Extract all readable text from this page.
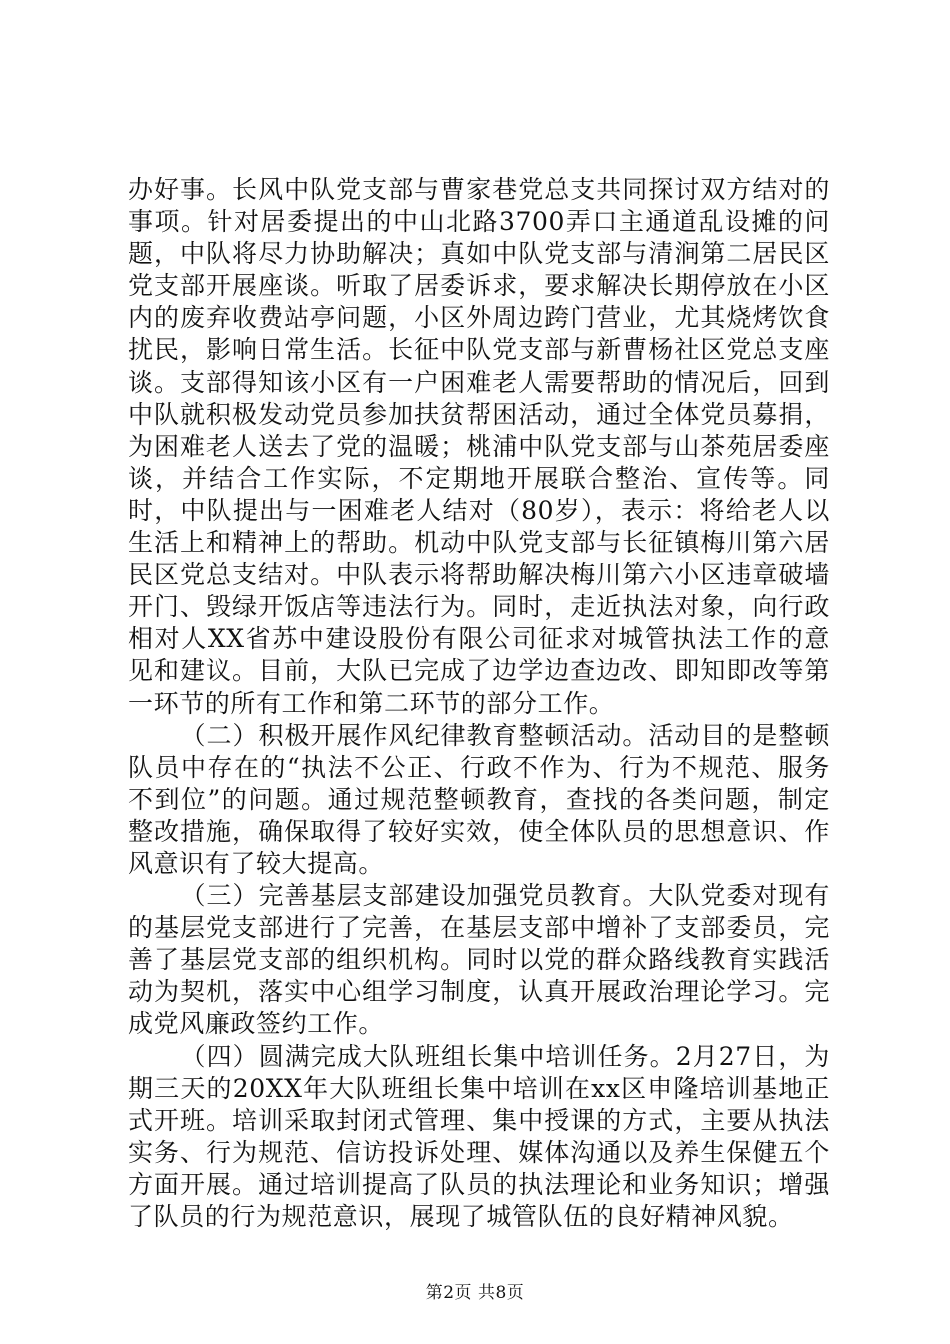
办好事。长风中队党支部与曹家巷党总支共同探讨双方结对的事项。针对居委提出的中山北路3700弄口主通道乱设摊的问题，中队将尽力协助解决；真如中队党支部与清涧第二居民区党支部开展座谈。听取了居委诉求，要求解决长期停放在小区内的废弃收费站亭问题，小区外周边跨门营业，尤其烧烤饮食扰民，影响日常生活。长征中队党支部与新曹杨社区党总支座谈。支部得知该小区有一户困难老人需要帮助的情况后，回到中队就积极发动党员参加扶贫帮困活动，通过全体党员募捐，为困难老人送去了党的温暖；桃浦中队党支部与山茶苑居委座谈，并结合工作实际，不定期地开展联合整治、宣传等。同时，中队提出与一困难老人结对（80岁），表示：将给老人以生活上和精神上的帮助。机动中队党支部与长征镇梅川第六居民区党总支结对。中队表示将帮助解决梅川第六小区违章破墙开门、毁绿开饭店等违法行为。同时，走近执法对象，向行政相对人XX省苏中建设股份有限公司征求对城管执法工作的意见和建议。目前，大队已完成了边学边查边改、即知即改等第一环节的所有工作和第二环节的部分工作。

（二）积极开展作风纪律教育整顿活动。活动目的是整顿队员中存在的“执法不公正、行政不作为、行为不规范、服务不到位”的问题。通过规范整顿教育，查找的各类问题，制定整改措施，确保取得了较好实效，使全体队员的思想意识、作风意识有了较大提高。

（三）完善基层支部建设加强党员教育。大队党委对现有的基层党支部进行了完善，在基层支部中增补了支部委员，完善了基层党支部的组织机构。同时以党的群众路线教育实践活动为契机，落实中心组学习制度，认真开展政治理论学习。完成党风廉政签约工作。

（四）圆满完成大队班组长集中培训任务。2月27日，为期三天的20XX年大队班组长集中培训在xx区申隆培训基地正式开班。培训采取封闭式管理、集中授课的方式，主要从执法实务、行为规范、信访投诉处理、媒体沟通以及养生保健五个方面开展。通过培训提高了队员的执法理论和业务知识；增强了队员的行为规范意识，展现了城管队伍的良好精神风貌。

第2页 共8页
